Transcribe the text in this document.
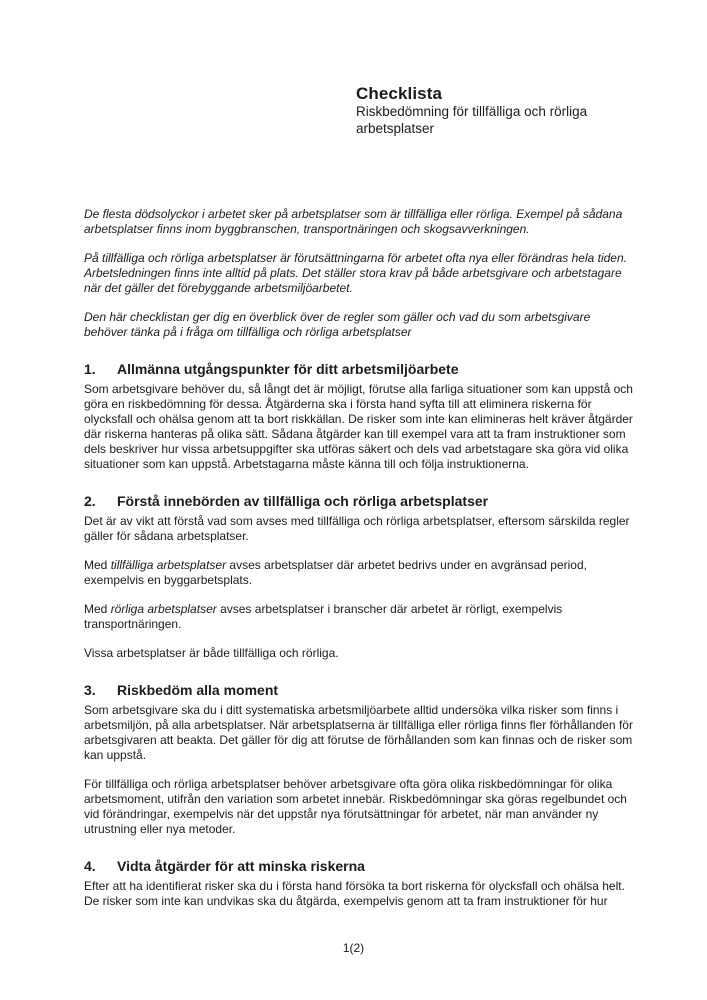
Checklista
Riskbedömning för tillfälliga och rörliga arbetsplatser

De flesta dödsolyckor i arbetet sker på arbetsplatser som är tillfälliga eller rörliga. Exempel på sådana arbetsplatser finns inom byggbranschen, transportnäringen och skogsavverkningen.

På tillfälliga och rörliga arbetsplatser är förutsättningarna för arbetet ofta nya eller förändras hela tiden. Arbetsledningen finns inte alltid på plats. Det ställer stora krav på både arbetsgivare och arbetstagare när det gäller det förebyggande arbetsmiljöarbetet.

Den här checklistan ger dig en överblick över de regler som gäller och vad du som arbetsgivare behöver tänka på i fråga om tillfälliga och rörliga arbetsplatser

1.	Allmänna utgångspunkter för ditt arbetsmiljöarbete

Som arbetsgivare behöver du, så långt det är möjligt, förutse alla farliga situationer som kan uppstå och göra en riskbedömning för dessa. Åtgärderna ska i första hand syfta till att eliminera riskerna för olycksfall och ohälsa genom att ta bort riskkällan. De risker som inte kan elimineras helt kräver åtgärder där riskerna hanteras på olika sätt. Sådana åtgärder kan till exempel vara att ta fram instruktioner som dels beskriver hur vissa arbetsuppgifter ska utföras säkert och dels vad arbetstagare ska göra vid olika situationer som kan uppstå. Arbetstagarna måste känna till och följa instruktionerna.

2.	Förstå innebörden av tillfälliga och rörliga arbetsplatser

Det är av vikt att förstå vad som avses med tillfälliga och rörliga arbetsplatser, eftersom särskilda regler gäller för sådana arbetsplatser.

Med tillfälliga arbetsplatser avses arbetsplatser där arbetet bedrivs under en avgränsad period, exempelvis en byggarbetsplats.

Med rörliga arbetsplatser avses arbetsplatser i branscher där arbetet är rörligt, exempelvis transportnäringen.

Vissa arbetsplatser är både tillfälliga och rörliga.

3.	Riskbedöm alla moment

Som arbetsgivare ska du i ditt systematiska arbetsmiljöarbete alltid undersöka vilka risker som finns i arbetsmiljön, på alla arbetsplatser. När arbetsplatserna är tillfälliga eller rörliga finns fler förhållanden för arbetsgivaren att beakta. Det gäller för dig att förutse de förhållanden som kan finnas och de risker som kan uppstå.

För tillfälliga och rörliga arbetsplatser behöver arbetsgivare ofta göra olika riskbedömningar för olika arbetsmoment, utifrån den variation som arbetet innebär. Riskbedömningar ska göras regelbundet och vid förändringar, exempelvis när det uppstår nya förutsättningar för arbetet, när man använder ny utrustning eller nya metoder.

4.	Vidta åtgärder för att minska riskerna

Efter att ha identifierat risker ska du i första hand försöka ta bort riskerna för olycksfall och ohälsa helt. De risker som inte kan undvikas ska du åtgärda, exempelvis genom att ta fram instruktioner för hur

1(2)
